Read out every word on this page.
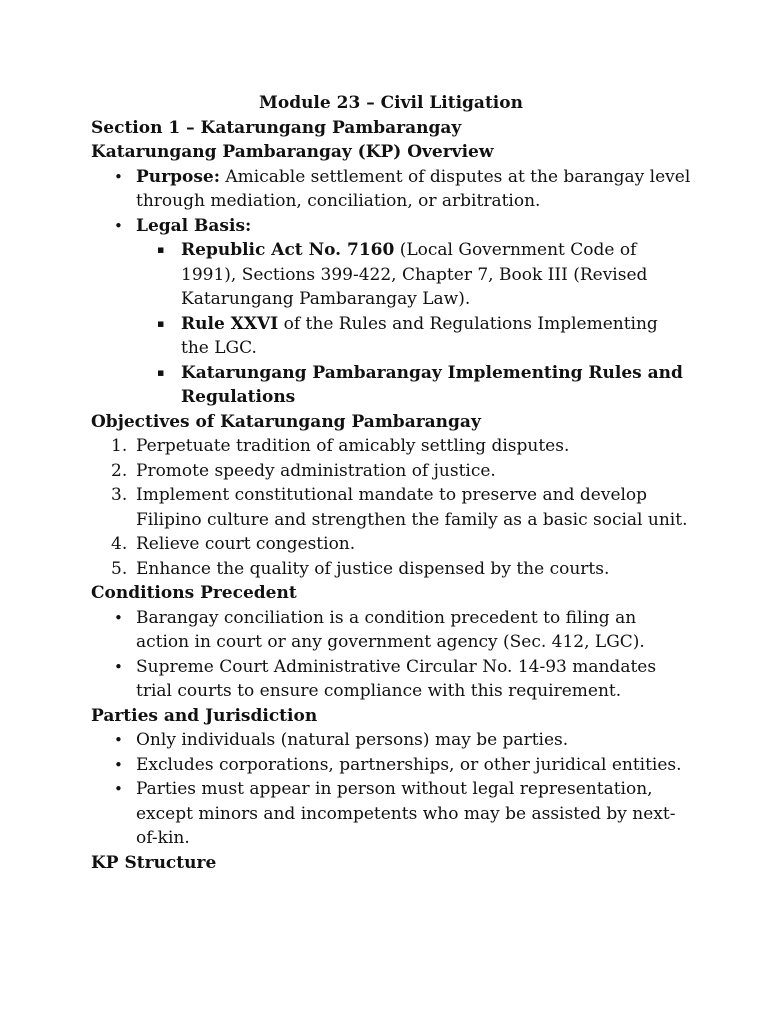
Module 23 – Civil Litigation

Section 1 – Katarungang Pambarangay

Katarungang Pambarangay (KP) Overview

• Purpose: Amicable settlement of disputes at the barangay level through mediation, conciliation, or arbitration.
• Legal Basis:
▪ Republic Act No. 7160 (Local Government Code of 1991), Sections 399-422, Chapter 7, Book III (Revised Katarungang Pambarangay Law).
▪ Rule XXVI of the Rules and Regulations Implementing the LGC.
▪ Katarungang Pambarangay Implementing Rules and Regulations

Objectives of Katarungang Pambarangay

1. Perpetuate tradition of amicably settling disputes.
2. Promote speedy administration of justice.
3. Implement constitutional mandate to preserve and develop Filipino culture and strengthen the family as a basic social unit.
4. Relieve court congestion.
5. Enhance the quality of justice dispensed by the courts.

Conditions Precedent

• Barangay conciliation is a condition precedent to filing an action in court or any government agency (Sec. 412, LGC).
• Supreme Court Administrative Circular No. 14-93 mandates trial courts to ensure compliance with this requirement.

Parties and Jurisdiction

• Only individuals (natural persons) may be parties.
• Excludes corporations, partnerships, or other juridical entities.
• Parties must appear in person without legal representation, except minors and incompetents who may be assisted by next-of-kin.

KP Structure
